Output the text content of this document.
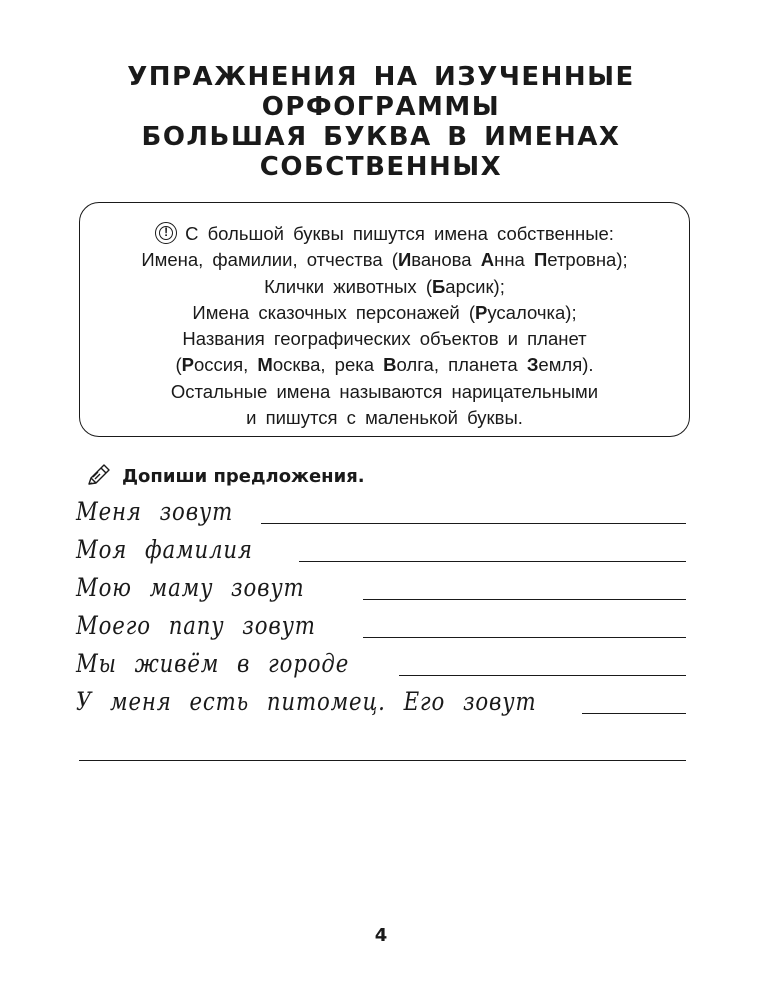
УПРАЖНЕНИЯ НА ИЗУЧЕННЫЕ
ОРФОГРАММЫ
БОЛЬШАЯ БУКВА В ИМЕНАХ
СОБСТВЕННЫХ
! С большой буквы пишутся имена собственные:
Имена, фамилии, отчества (Иванова Анна Петровна);
Клички животных (Барсик);
Имена сказочных персонажей (Русалочка);
Названия географических объектов и планет
(Россия, Москва, река Волга, планета Земля).
Остальные имена называются нарицательными
и пишутся с маленькой буквы.
Допиши предложения.
Меня зовут
Моя фамилия
Мою маму зовут
Моего папу зовут
Мы живём в городе
У меня есть питомец. Его зовут
4
